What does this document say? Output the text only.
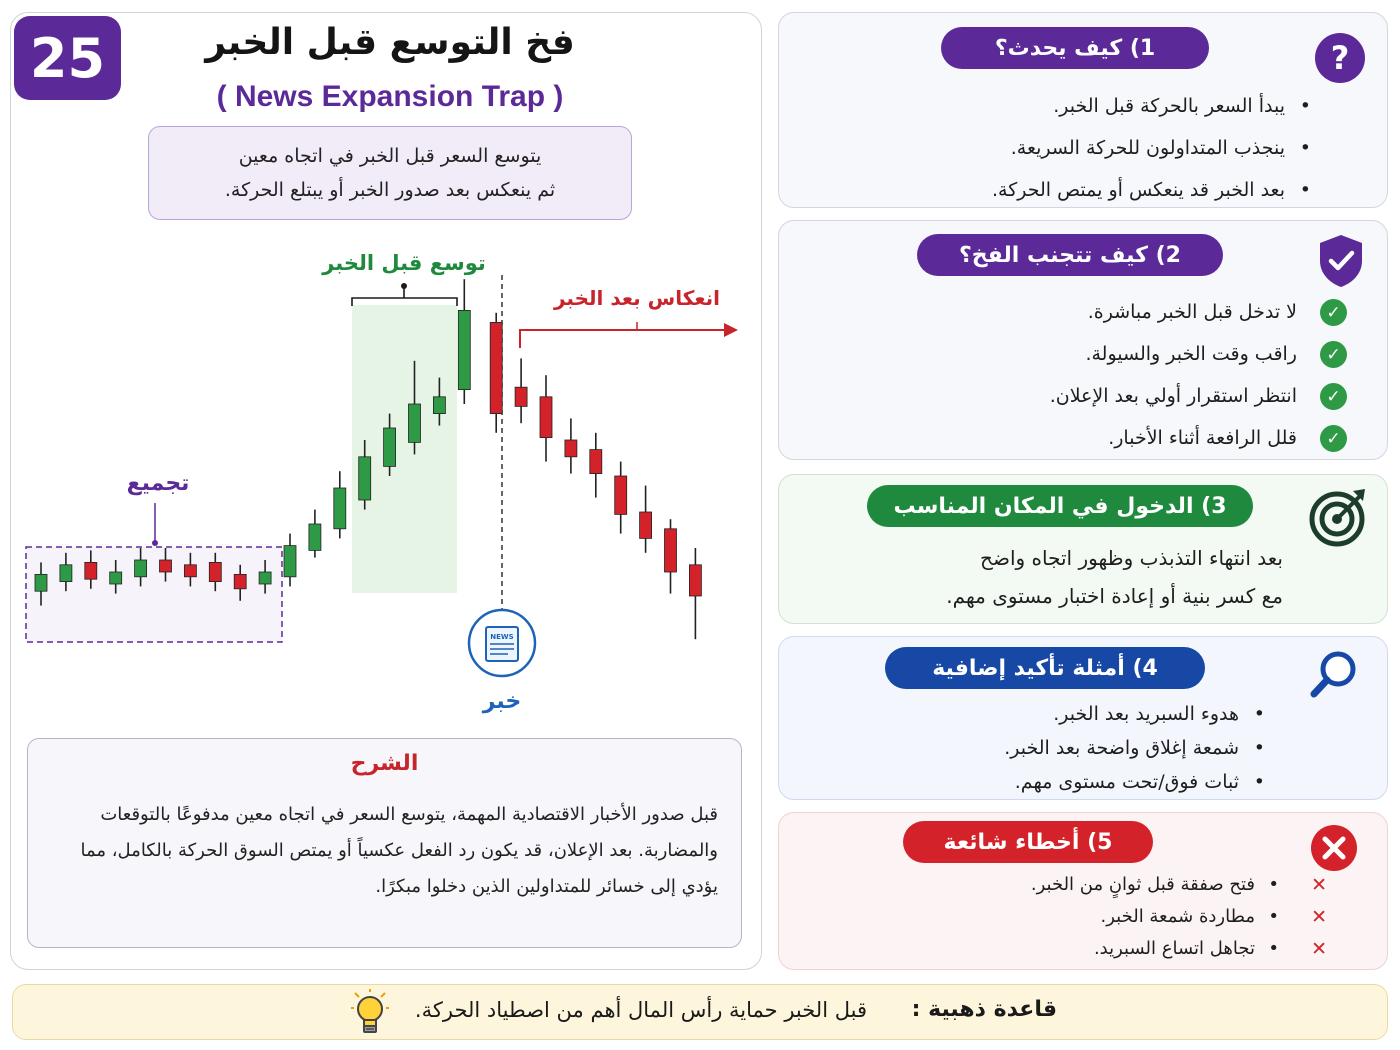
25	فخ التوسع قبل الخبر
( News Expansion Trap )
يتوسع السعر قبل الخبر في اتجاه معين
ثم ينعكس بعد صدور الخبر أو يبتلع الحركة.
تجميع
توسع قبل الخبر
انعكاس بعد الخبر
NEWS
خبر
الشرح
قبل صدور الأخبار الاقتصادية المهمة، يتوسع السعر في اتجاه معين مدفوعًا بالتوقعات والمضاربة. بعد الإعلان، قد يكون رد الفعل عكسياً أو يمتص السوق الحركة بالكامل، مما يؤدي إلى خسائر للمتداولين الذين دخلوا مبكرًا.
1) كيف يحدث؟	?
• يبدأ السعر بالحركة قبل الخبر.
• ينجذب المتداولون للحركة السريعة.
• بعد الخبر قد ينعكس أو يمتص الحركة.
2) كيف تتجنب الفخ؟
✓
لا تدخل قبل الخبر مباشرة.
✓
راقب وقت الخبر والسيولة.
✓
انتظر استقرار أولي بعد الإعلان.
✓
قلل الرافعة أثناء الأخبار.
3) الدخول في المكان المناسب
بعد انتهاء التذبذب وظهور اتجاه واضح
مع كسر بنية أو إعادة اختبار مستوى مهم.
4) أمثلة تأكيد إضافية
• هدوء السبريد بعد الخبر.
• شمعة إغلاق واضحة بعد الخبر.
• ثبات فوق/تحت مستوى مهم.
5) أخطاء شائعة
✕
•
فتح صفقة قبل ثوانٍ من الخبر.
✕
•
مطاردة شمعة الخبر.
✕
•
تجاهل اتساع السبريد.
قاعدة ذهبية :
قبل الخبر حماية رأس المال أهم من اصطياد الحركة.
